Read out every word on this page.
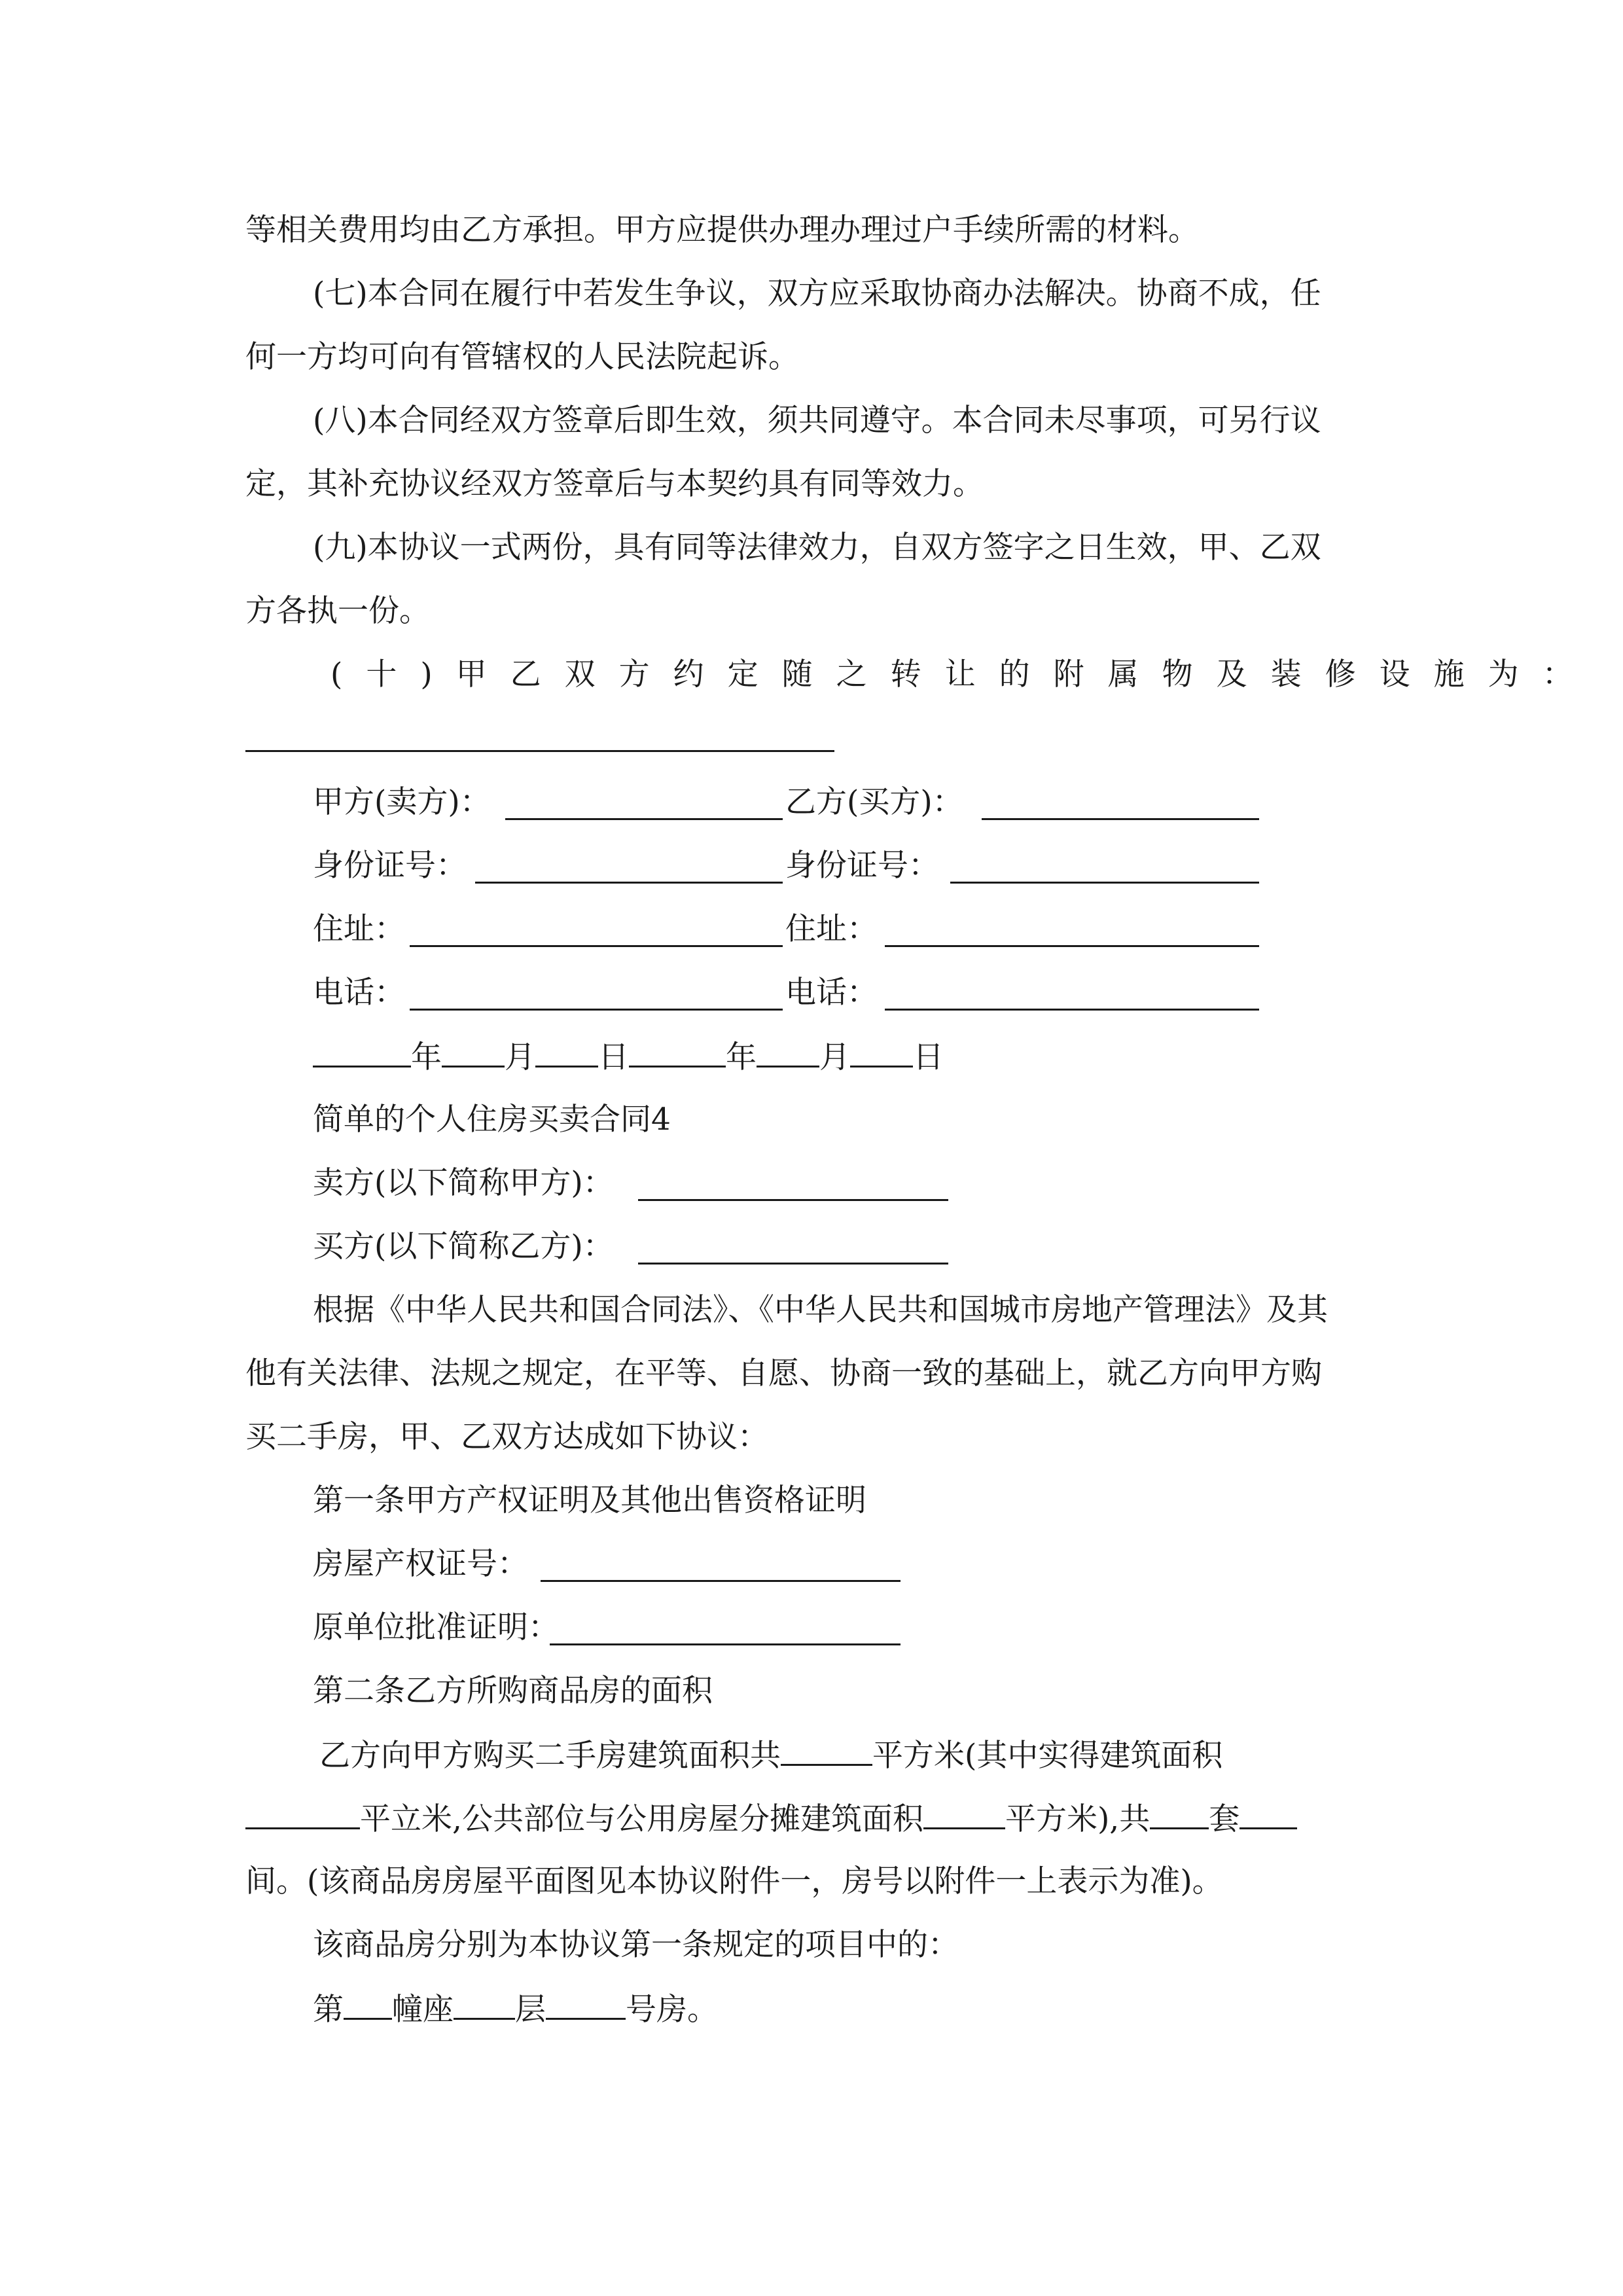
等相关费用均由乙方承担。甲方应提供办理办理过户手续所需的材料。
(七)本合同在履行中若发生争议，双方应采取协商办法解决。协商不成，任
何一方均可向有管辖权的人民法院起诉。
(八)本合同经双方签章后即生效，须共同遵守。本合同未尽事项，可另行议
定，其补充协议经双方签章后与本契约具有同等效力。
(九)本协议一式两份，具有同等法律效力，自双方签字之日生效，甲、乙双
方各执一份。
(十)甲乙双方约定随之转让的附属物及装修设施为：
甲方(卖方)：	乙方(买方)：
身份证号：	身份证号：
住址：	住址：
电话：	电话：
年 月 日	年 月 日
简单的个人住房买卖合同4
卖方(以下简称甲方)：
买方(以下简称乙方)：
根据《中华人民共和国合同法》、《中华人民共和国城市房地产管理法》及其
他有关法律、法规之规定，在平等、自愿、协商一致的基础上，就乙方向甲方购
买二手房，甲、乙双方达成如下协议：
第一条甲方产权证明及其他出售资格证明
房屋产权证号：
原单位批准证明：
第二条乙方所购商品房的面积
乙方向甲方购买二手房建筑面积共	平方米(其中实得建筑面积
平立米,公共部位与公用房屋分摊建筑面积	平方米),共 套
间。(该商品房房屋平面图见本协议附件一，房号以附件一上表示为准)。
该商品房分别为本协议第一条规定的项目中的：
第 幢座 层	号房。
